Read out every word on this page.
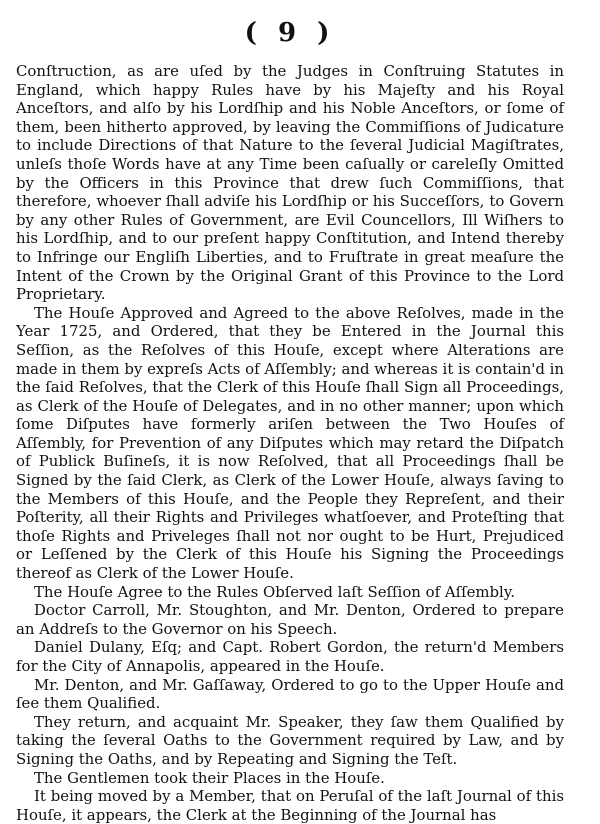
( 9 )

Conſtruction, as are uſed by the Judges in Conſtruing Statutes in England, which happy Rules have by his Majeſty and his Royal Anceſtors, and alſo by his Lordſhip and his Noble Anceſtors, or ſome of them, been hitherto approved, by leaving the Commiſſions of Judicature to include Directions of that Nature to the ſeveral Judicial Magiſtrates, unleſs thoſe Words have at any Time been caſually or careleſly Omitted by the Officers in this Province that drew ſuch Commiſſions, that therefore, whoever ſhall adviſe his Lordſhip or his Succeſſors, to Govern by any other Rules of Government, are Evil Councellors, Ill Wiſhers to his Lordſhip, and to our preſent happy Conſtitution, and Intend thereby to Infringe our Engliſh Liberties, and to Fruſtrate in great meaſure the Intent of the Crown by the Original Grant of this Province to the Lord Proprietary.

The Houſe Approved and Agreed to the above Reſolves, made in the Year 1725, and Ordered, that they be Entered in the Journal this Seſſion, as the Reſolves of this Houſe, except where Alterations are made in them by expreſs Acts of Aſſembly; and whereas it is contain'd in the ſaid Reſolves, that the Clerk of this Houſe ſhall Sign all Proceedings, as Clerk of the Houſe of Delegates, and in no other manner; upon which ſome Diſputes have formerly ariſen between the Two Houſes of Aſſembly, for Prevention of any Diſputes which may retard the Diſpatch of Publick Buſineſs, it is now Reſolved, that all Proceedings ſhall be Signed by the ſaid Clerk, as Clerk of the Lower Houſe, always ſaving to the Members of this Houſe, and the People they Repreſent, and their Poſterity, all their Rights and Privileges whatſoever, and Proteſting that thoſe Rights and Priveleges ſhall not nor ought to be Hurt, Prejudiced or Leſſened by the Clerk of this Houſe his Signing the Proceedings thereof as Clerk of the Lower Houſe.

The Houſe Agree to the Rules Obſerved laſt Seſſion of Aſſembly.

Doctor Carroll, Mr. Stoughton, and Mr. Denton, Ordered to prepare an Addreſs to the Governor on his Speech.

Daniel Dulany, Eſq; and Capt. Robert Gordon, the return'd Members for the City of Annapolis, appeared in the Houſe.

Mr. Denton, and Mr. Gaſſaway, Ordered to go to the Upper Houſe and ſee them Qualified.

They return, and acquaint Mr. Speaker, they ſaw them Qualified by taking the ſeveral Oaths to the Government required by Law, and by Signing the Oaths, and by Repeating and Signing the Teſt.

The Gentlemen took their Places in the Houſe.

It being moved by a Member, that on Peruſal of the laſt Journal of this Houſe, it appears, the Clerk at the Beginning of the Journal has
